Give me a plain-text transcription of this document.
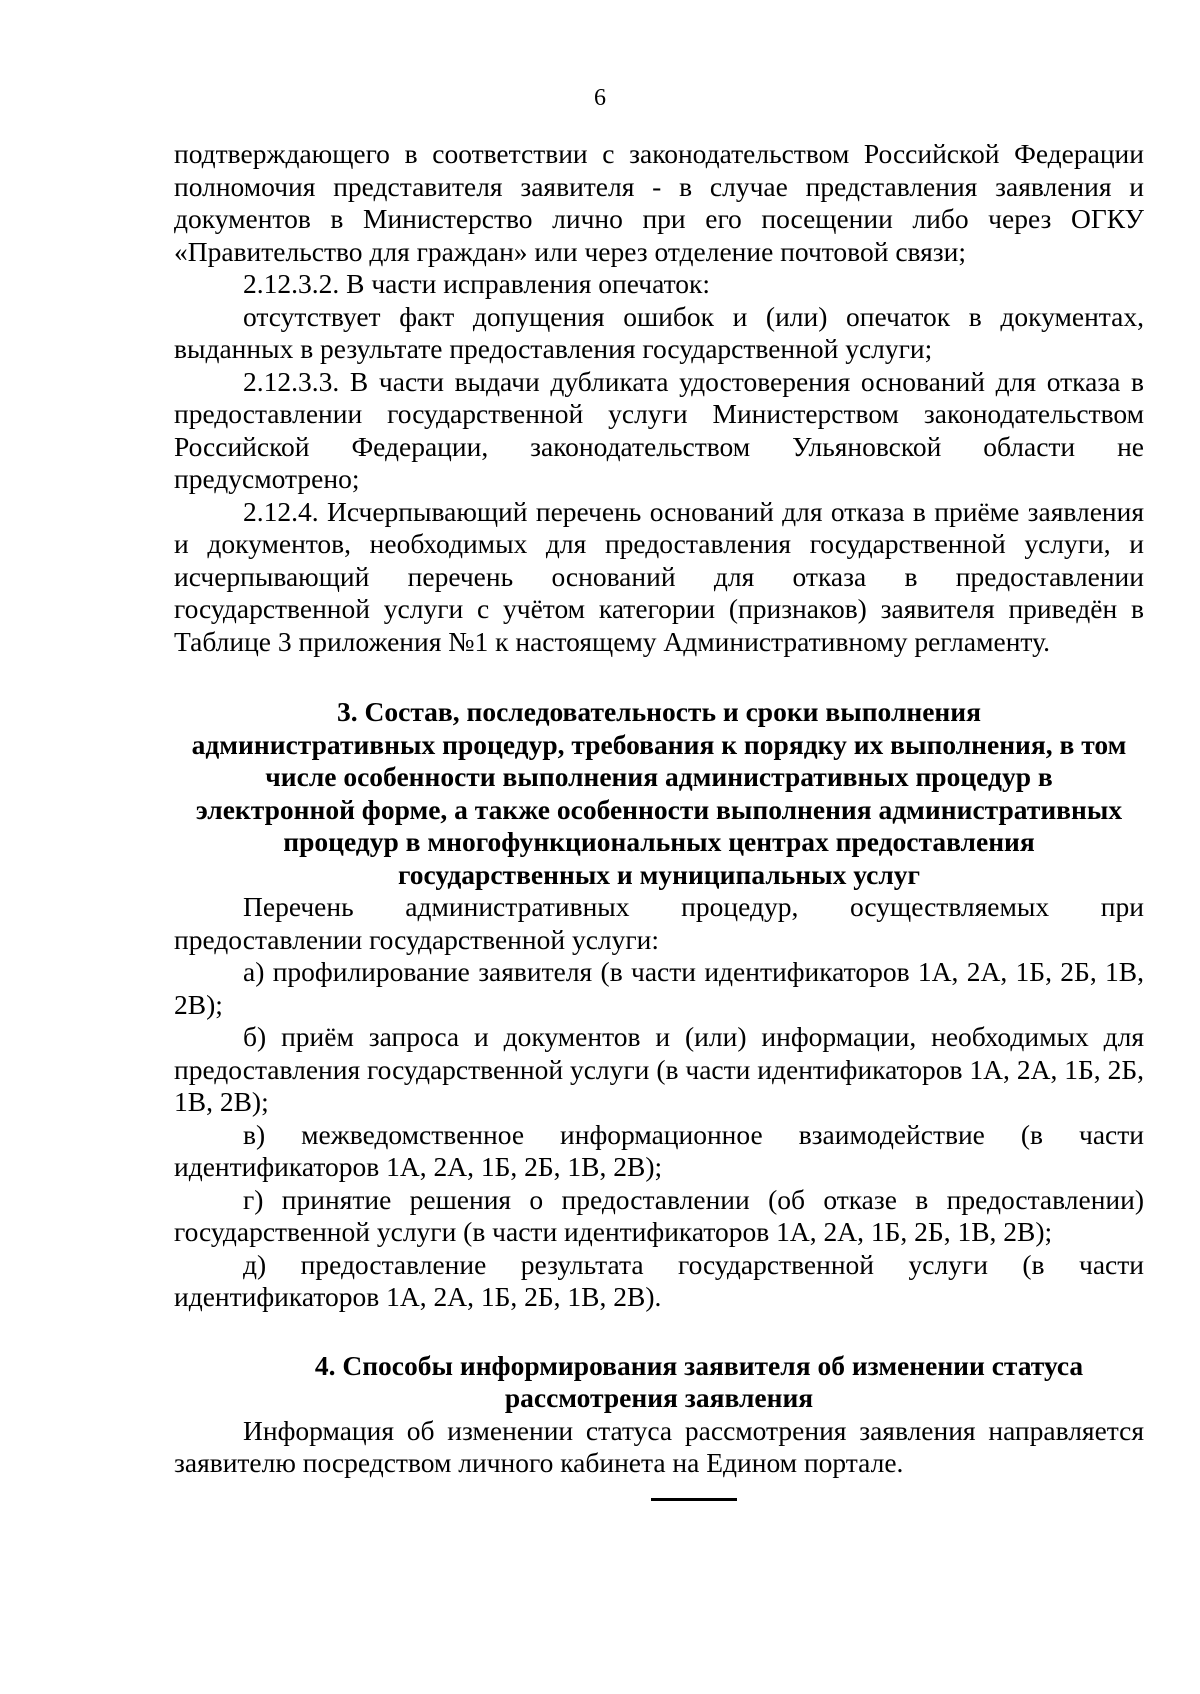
6

подтверждающего в соответствии с законодательством Российской Федерации полномочия представителя заявителя - в случае представления заявления и документов в Министерство лично при его посещении либо через ОГКУ «Правительство для граждан» или через отделение почтовой связи;

2.12.3.2. В части исправления опечаток:

отсутствует факт допущения ошибок и (или) опечаток в документах, выданных в результате предоставления государственной услуги;

2.12.3.3. В части выдачи дубликата удостоверения оснований для отказа в предоставлении государственной услуги Министерством законодательством Российской Федерации, законодательством Ульяновской области не предусмотрено;

2.12.4. Исчерпывающий перечень оснований для отказа в приёме заявления и документов, необходимых для предоставления государственной услуги, и исчерпывающий перечень оснований для отказа в предоставлении государственной услуги с учётом категории (признаков) заявителя приведён в Таблице 3 приложения №1 к настоящему Административному регламенту.

3. Состав, последовательность и сроки выполнения
административных процедур, требования к порядку их выполнения, в том
числе особенности выполнения административных процедур в
электронной форме, а также особенности выполнения административных
процедур в многофункциональных центрах предоставления
государственных и муниципальных услуг

Перечень административных процедур, осуществляемых при

предоставлении государственной услуги:

а) профилирование заявителя (в части идентификаторов 1А, 2А, 1Б, 2Б, 1В, 2В);

б) приём запроса и документов и (или) информации, необходимых для предоставления государственной услуги (в части идентификаторов 1А, 2А, 1Б, 2Б, 1В, 2В);

в) межведомственное информационное взаимодействие (в части идентификаторов 1А, 2А, 1Б, 2Б, 1В, 2В);

г) принятие решения о предоставлении (об отказе в предоставлении) государственной услуги (в части идентификаторов 1А, 2А, 1Б, 2Б, 1В, 2В);

д) предоставление результата государственной услуги (в части идентификаторов 1А, 2А, 1Б, 2Б, 1В, 2В).

4. Способы информирования заявителя об изменении статуса
рассмотрения заявления

Информация об изменении статуса рассмотрения заявления направляется заявителю посредством личного кабинета на Едином портале.
